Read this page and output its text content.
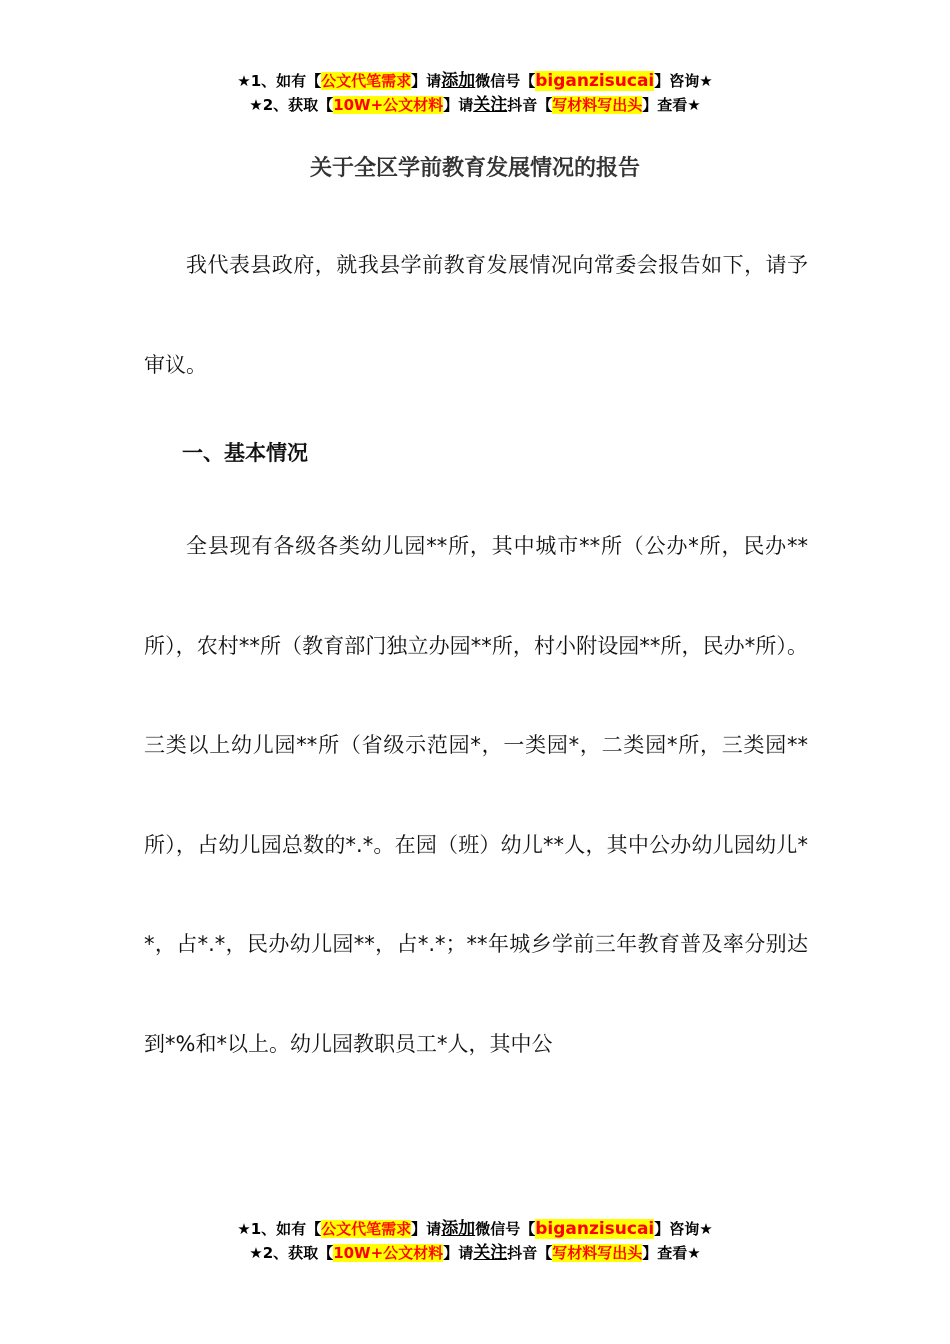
★1、如有【公文代笔需求】请添加微信号【biganzisucai】咨询★
★2、获取【10W+公文材料】请关注抖音【写材料写出头】查看★
关于全区学前教育发展情况的报告

我代表县政府，就我县学前教育发展情况向常委会报告如下，请予审议。

一、基本情况

全县现有各级各类幼儿园**所，其中城市**所（公办*所，民办**所），农村**所（教育部门独立办园**所，村小附设园**所，民办*所）。三类以上幼儿园**所（省级示范园*，一类园*，二类园*所，三类园**所），占幼儿园总数的*.*。在园（班）幼儿**人，其中公办幼儿园幼儿**，占*.*，民办幼儿园**，占*.*；**年城乡学前三年教育普及率分别达到*%和*以上。幼儿园教职员工*人，其中公

★1、如有【公文代笔需求】请添加微信号【biganzisucai】咨询★
★2、获取【10W+公文材料】请关注抖音【写材料写出头】查看★
